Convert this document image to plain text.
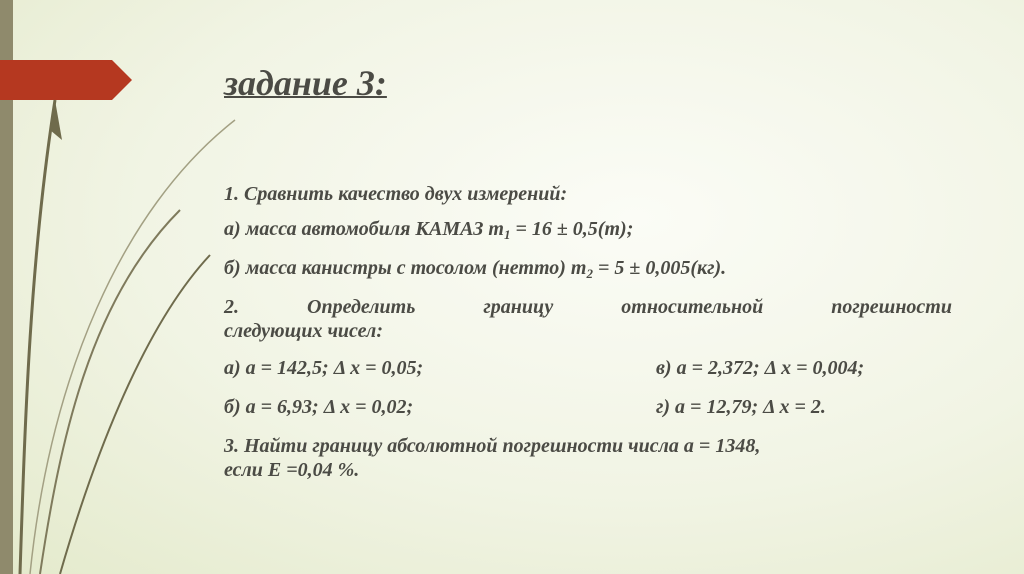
задание 3:

1. Сравнить качество двух измерений:

а) масса автомобиля КАМАЗ $m_1 = 16 \pm 0,5(т)$;

б) масса канистры с тосолом (нетто) $m_2 = 5 \pm 0,005(кг)$.

2. Определить границу относительной погрешности

следующих чисел:

а) а = 142,5; Δ x = 0,05;	в) а = 2,372; Δ x = 0,004;
б) а = 6,93; Δ x = 0,02;	г) а = 12,79; Δ x = 2.

3. Найти границу абсолютной погрешности числа а = 1348,

если Е =0,04 %.
